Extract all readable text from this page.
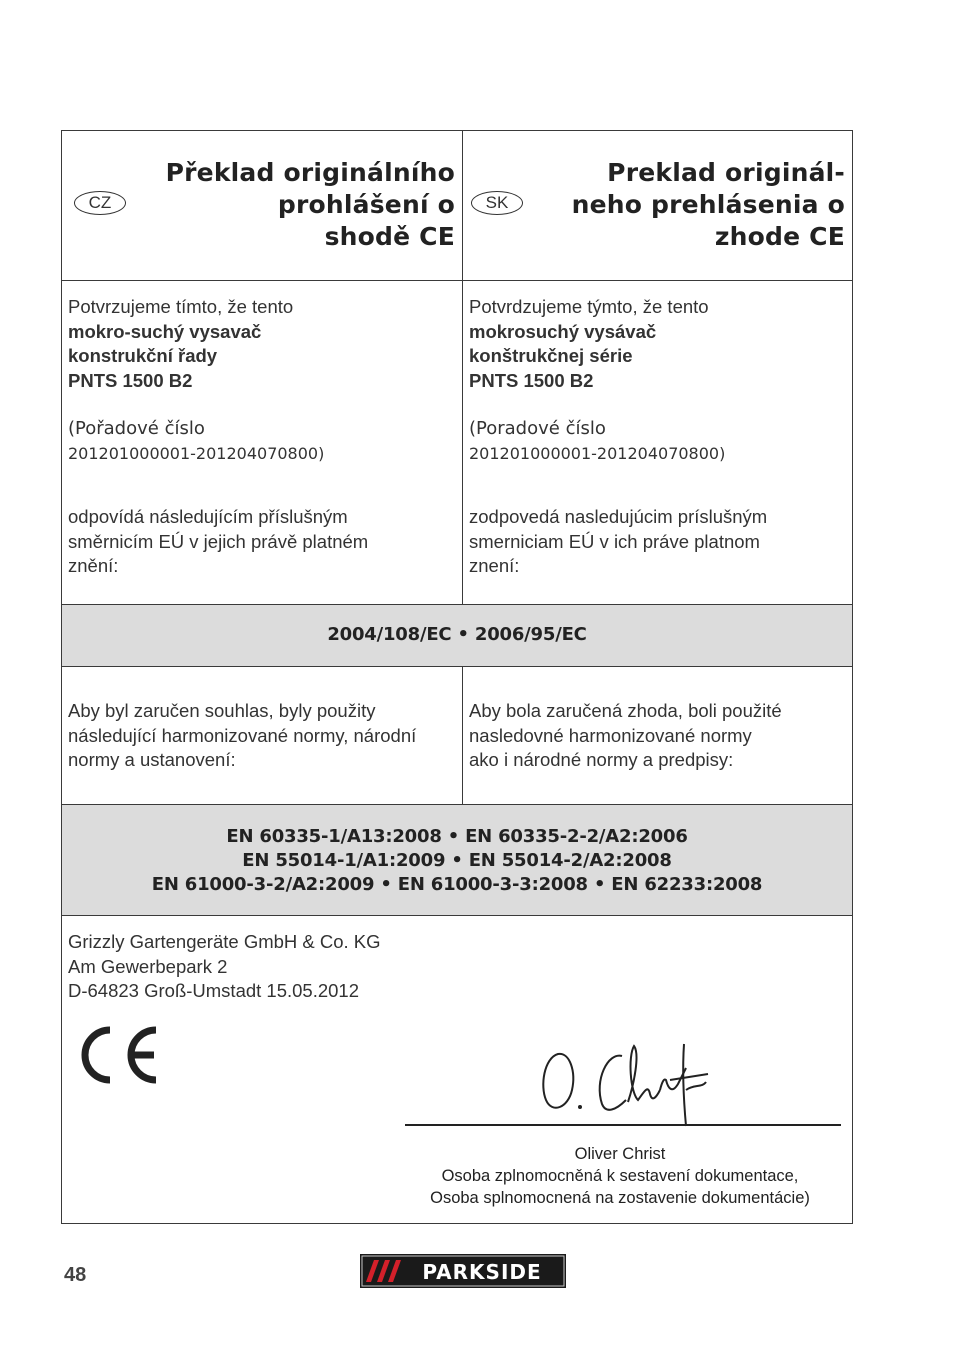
CZ
Překlad originálního
prohlášení o
shodě CE
SK
Preklad originál-
neho prehlásenia o
zhode CE
Potvrzujeme tímto, že tento
mokro-suchý vysavač
konstrukční řady
PNTS 1500 B2
(Pořadové číslo
201201000001-201204070800)
odpovídá následujícím příslušným
směrnicím EÚ v jejich právě platném
znění:
Potvrdzujeme týmto, že tento
mokrosuchý vysávač
konštrukčnej série
PNTS 1500 B2
(Poradové číslo
201201000001-201204070800)
zodpovedá nasledujúcim príslušným
smerniciam EÚ v ich práve platnom
znení:
2004/108/EC • 2006/95/EC
Aby byl zaručen souhlas, byly použity
následující harmonizované normy, národní
normy a ustanovení:
Aby bola zaručená zhoda, boli použité
nasledovné harmonizované normy
ako i národné normy a predpisy:
EN 60335-1/A13:2008 • EN 60335-2-2/A2:2006
EN 55014-1/A1:2009 • EN 55014-2/A2:2008
EN 61000-3-2/A2:2009 • EN 61000-3-3:2008 • EN 62233:2008
Grizzly Gartengeräte GmbH & Co. KG
Am Gewerbepark 2
D-64823 Groß-Umstadt 15.05.2012
Oliver Christ
Osoba zplnomocněná k sestavení dokumentace,
Osoba splnomocnená na zostavenie dokumentácie)
48	PARKSIDE
